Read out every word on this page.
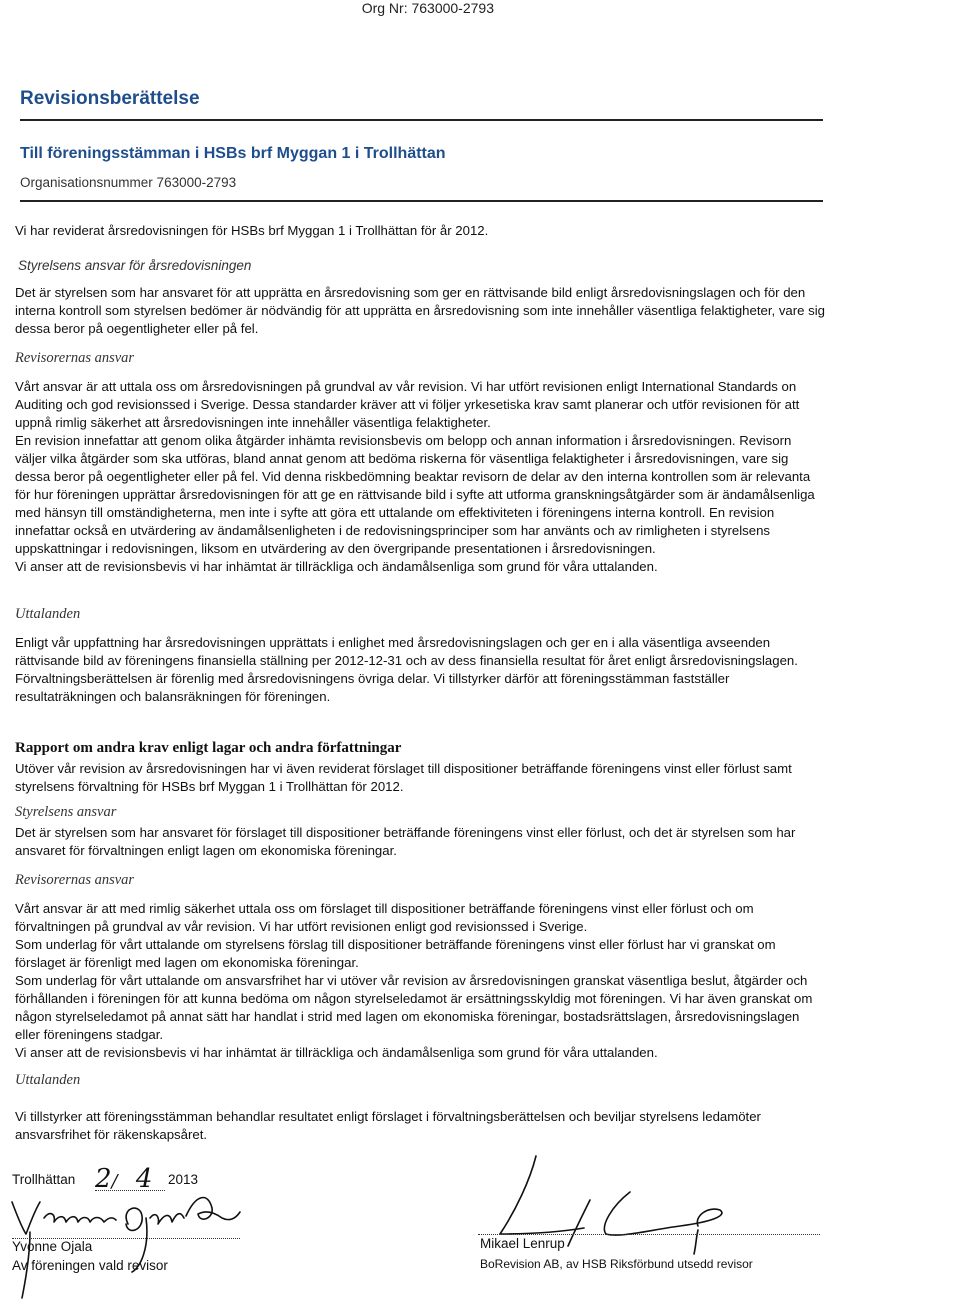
Org Nr: 763000-2793
Revisionsberättelse
Till föreningsstämman i HSBs brf Myggan 1 i Trollhättan
Organisationsnummer 763000-2793
Vi har reviderat årsredovisningen för HSBs brf Myggan 1 i Trollhättan för år 2012.
Styrelsens ansvar för årsredovisningen
Det är styrelsen som har ansvaret för att upprätta en årsredovisning som ger en rättvisande bild enligt årsredovisningslagen och för den interna kontroll som styrelsen bedömer är nödvändig för att upprätta en årsredovisning som inte innehåller väsentliga felaktigheter, vare sig dessa beror på oegentligheter eller på fel.
Revisorernas ansvar

Vårt ansvar är att uttala oss om årsredovisningen på grundval av vår revision. Vi har utfört revisionen enligt International Standards on Auditing och god revisionssed i Sverige. Dessa standarder kräver att vi följer yrkesetiska krav samt planerar och utför revisionen för att uppnå rimlig säkerhet att årsredovisningen inte innehåller väsentliga felaktigheter.

En revision innefattar att genom olika åtgärder inhämta revisionsbevis om belopp och annan information i årsredovisningen. Revisorn väljer vilka åtgärder som ska utföras, bland annat genom att bedöma riskerna för väsentliga felaktigheter i årsredovisningen, vare sig dessa beror på oegentligheter eller på fel. Vid denna riskbedömning beaktar revisorn de delar av den interna kontrollen som är relevanta för hur föreningen upprättar årsredovisningen för att ge en rättvisande bild i syfte att utforma granskningsåtgärder som är ändamålsenliga med hänsyn till omständigheterna, men inte i syfte att göra ett uttalande om effektiviteten i föreningens interna kontroll. En revision innefattar också en utvärdering av ändamålsenligheten i de redovisningsprinciper som har använts och av rimligheten i styrelsens uppskattningar i redovisningen, liksom en utvärdering av den övergripande presentationen i årsredovisningen.

Vi anser att de revisionsbevis vi har inhämtat är tillräckliga och ändamålsenliga som grund för våra uttalanden.

Uttalanden
Enligt vår uppfattning har årsredovisningen upprättats i enlighet med årsredovisningslagen och ger en i alla väsentliga avseenden rättvisande bild av föreningens finansiella ställning per 2012-12-31 och av dess finansiella resultat för året enligt årsredovisningslagen. Förvaltningsberättelsen är förenlig med årsredovisningens övriga delar. Vi tillstyrker därför att föreningsstämman fastställer resultaträkningen och balansräkningen för föreningen.
Rapport om andra krav enligt lagar och andra författningar
Utöver vår revision av årsredovisningen har vi även reviderat förslaget till dispositioner beträffande föreningens vinst eller förlust samt styrelsens förvaltning för HSBs brf Myggan 1 i Trollhättan för 2012.
Styrelsens ansvar
Det är styrelsen som har ansvaret för förslaget till dispositioner beträffande föreningens vinst eller förlust, och det är styrelsen som har ansvaret för förvaltningen enligt lagen om ekonomiska föreningar.
Revisorernas ansvar

Vårt ansvar är att med rimlig säkerhet uttala oss om förslaget till dispositioner beträffande föreningens vinst eller förlust och om förvaltningen på grundval av vår revision. Vi har utfört revisionen enligt god revisionssed i Sverige.

Som underlag för vårt uttalande om styrelsens förslag till dispositioner beträffande föreningens vinst eller förlust har vi granskat om förslaget är förenligt med lagen om ekonomiska föreningar.

Som underlag för vårt uttalande om ansvarsfrihet har vi utöver vår revision av årsredovisningen granskat väsentliga beslut, åtgärder och förhållanden i föreningen för att kunna bedöma om någon styrelseledamot är ersättningsskyldig mot föreningen. Vi har även granskat om någon styrelseledamot på annat sätt har handlat i strid med lagen om ekonomiska föreningar, bostadsrättslagen, årsredovisningslagen eller föreningens stadgar.

Vi anser att de revisionsbevis vi har inhämtat är tillräckliga och ändamålsenliga som grund för våra uttalanden.

Uttalanden
Vi tillstyrker att föreningsstämman behandlar resultatet enligt förslaget i förvaltningsberättelsen och beviljar styrelsens ledamöter ansvarsfrihet för räkenskapsåret.
Trollhättan 2/ 4 2013
Yvonne Ojala
Av föreningen vald revisor
Mikael Lenrup
BoRevision AB, av HSB Riksförbund utsedd revisor
